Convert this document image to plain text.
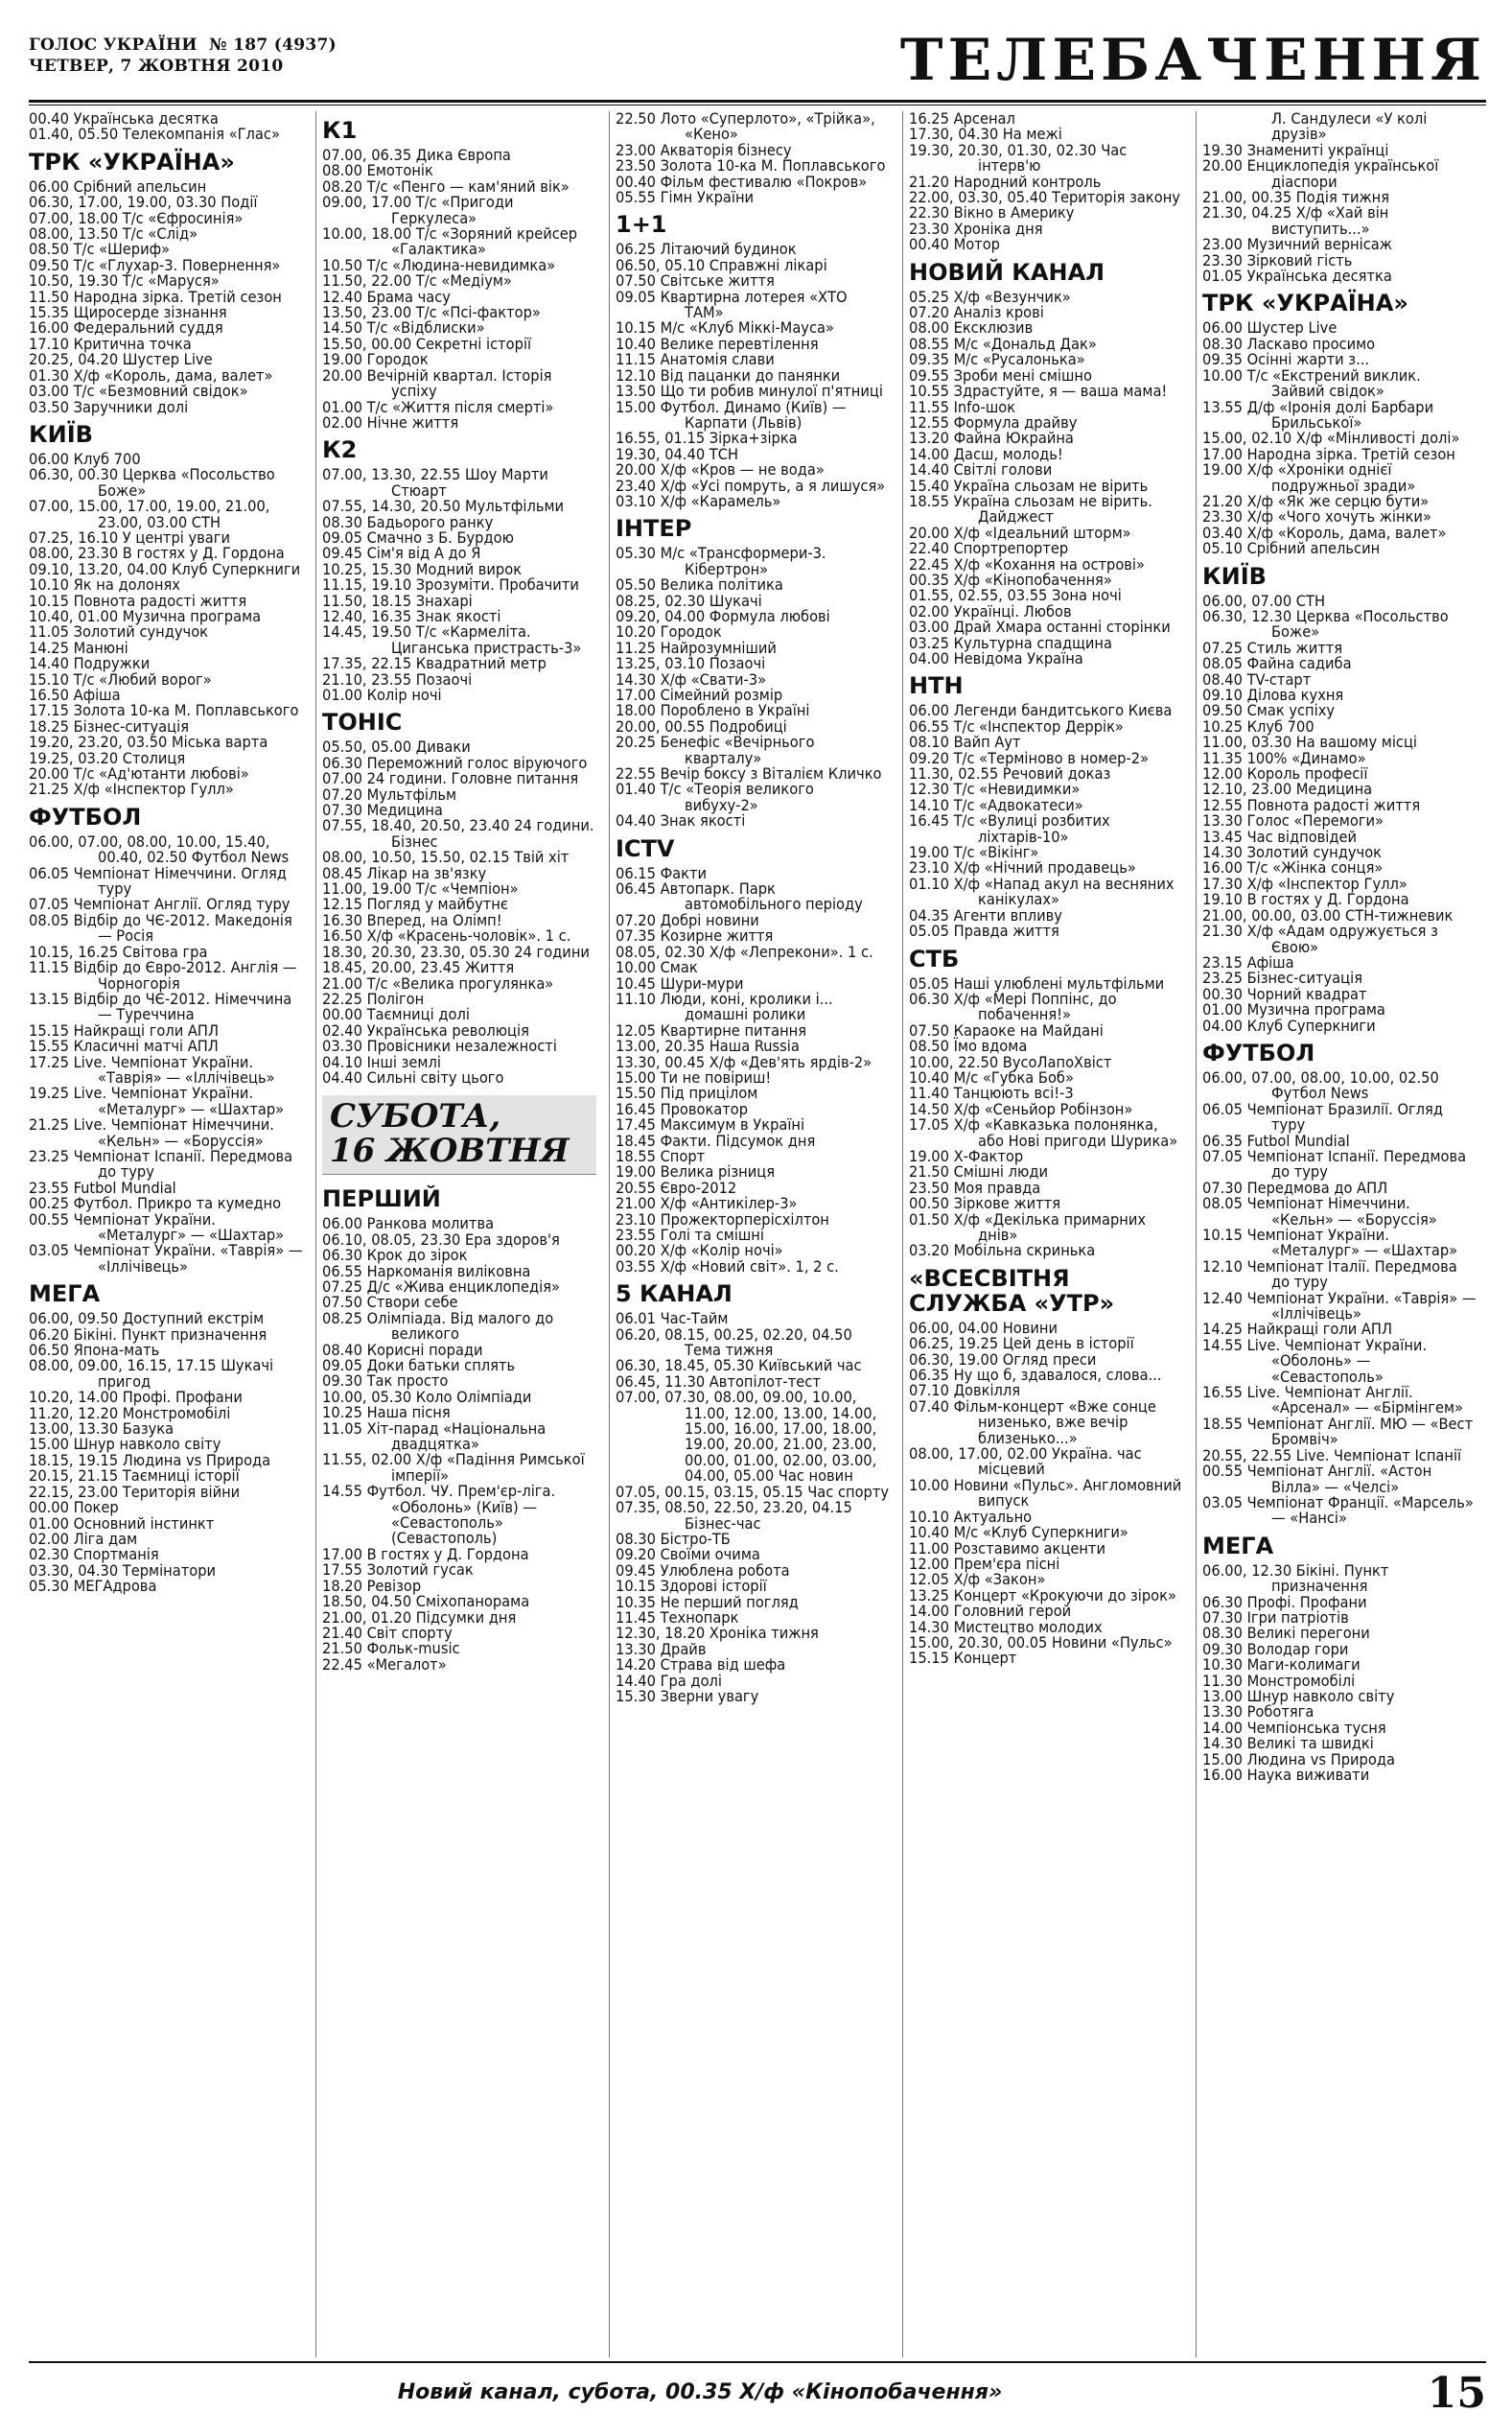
ГОЛОС УКРАЇНИ № 187 (4937)
ЧЕТВЕР, 7 ЖОВТНЯ 2010	ТЕЛЕБАЧЕННЯ
00.40 Українська десятка
01.40, 05.50 Телекомпанія «Глас»
ТРК «УКРАЇНА»
06.00 Срібний апельсин
06.30, 17.00, 19.00, 03.30 Події
07.00, 18.00 Т/с «Єфросинія»
08.00, 13.50 Т/с «Слід»
08.50 Т/с «Шериф»
09.50 Т/с «Глухар-3. Повернення»
10.50, 19.30 Т/с «Маруся»
11.50 Народна зірка. Третій сезон
15.35 Щиросерде зізнання
16.00 Федеральний суддя
17.10 Критична точка
20.25, 04.20 Шустер Live
01.30 Х/ф «Король, дама, валет»
03.00 Т/с «Безмовний свідок»
03.50 Заручники долі
КИЇВ
06.00 Клуб 700
06.30, 00.30 Церква «Посольство Боже»
07.00, 15.00, 17.00, 19.00, 21.00, 23.00, 03.00 СТН
07.25, 16.10 У центрі уваги
08.00, 23.30 В гостях у Д. Гордона
09.10, 13.20, 04.00 Клуб Суперкниги
10.10 Як на долонях
10.15 Повнота радості життя
10.40, 01.00 Музична програма
11.05 Золотий сундучок
14.25 Манюні
14.40 Подружки
15.10 Т/с «Любий ворог»
16.50 Афіша
17.15 Золота 10-ка М. Поплавського
18.25 Бізнес-ситуація
19.20, 23.20, 03.50 Міська варта
19.25, 03.20 Столиця
20.00 Т/с «Ад'ютанти любові»
21.25 Х/ф «Інспектор Гулл»
ФУТБОЛ
06.00, 07.00, 08.00, 10.00, 15.40, 00.40, 02.50 Футбол News
06.05 Чемпіонат Німеччини. Огляд туру
07.05 Чемпіонат Англії. Огляд туру
08.05 Відбір до ЧЄ-2012. Македонія — Росія
10.15, 16.25 Світова гра
11.15 Відбір до Євро-2012. Англія — Чорногорія
13.15 Відбір до ЧЄ-2012. Німеччина — Туреччина
15.15 Найкращі голи АПЛ
15.55 Класичні матчі АПЛ
17.25 Live. Чемпіонат України. «Таврія» — «Іллічівець»
19.25 Live. Чемпіонат України. «Металург» — «Шахтар»
21.25 Live. Чемпіонат Німеччини. «Кельн» — «Боруссія»
23.25 Чемпіонат Іспанії. Передмова до туру
23.55 Futbol Mundial
00.25 Футбол. Прикро та кумедно
00.55 Чемпіонат України. «Металург» — «Шахтар»
03.05 Чемпіонат України. «Таврія» — «Іллічівець»
МЕГА
06.00, 09.50 Доступний екстрім
06.20 Бікіні. Пункт призначення
06.50 Япона-мать
08.00, 09.00, 16.15, 17.15 Шукачі пригод
10.20, 14.00 Профі. Профани
11.20, 12.20 Монстромобілі
13.00, 13.30 Базука
15.00 Шнур навколо світу
18.15, 19.15 Людина vs Природа
20.15, 21.15 Таємниці історії
22.15, 23.00 Територія війни
00.00 Покер
01.00 Основний інстинкт
02.00 Ліга дам
02.30 Спортманія
03.30, 04.30 Термінатори
05.30 МЕГАдрова
К1
07.00, 06.35 Дика Європа
08.00 Емотонік
08.20 Т/с «Пенго — кам'яний вік»
09.00, 17.00 Т/с «Пригоди Геркулеса»
10.00, 18.00 Т/с «Зоряний крейсер «Галактика»
10.50 Т/с «Людина-невидимка»
11.50, 22.00 Т/с «Медіум»
12.40 Брама часу
13.50, 23.00 Т/с «Псі-фактор»
14.50 Т/с «Відблиски»
15.50, 00.00 Секретні історії
19.00 Городок
20.00 Вечірній квартал. Історія успіху
01.00 Т/с «Життя після смерті»
02.00 Нічне життя
К2
07.00, 13.30, 22.55 Шоу Марти Стюарт
07.55, 14.30, 20.50 Мультфільми
08.30 Бадьорого ранку
09.05 Смачно з Б. Бурдою
09.45 Сім'я від А до Я
10.25, 15.30 Модний вирок
11.15, 19.10 Зрозуміти. Пробачити
11.50, 18.15 Знахарі
12.40, 16.35 Знак якості
14.45, 19.50 Т/с «Кармеліта. Циганська пристрасть-3»
17.35, 22.15 Квадратний метр
21.10, 23.55 Позаочі
01.00 Колір ночі
ТОНІС
05.50, 05.00 Диваки
06.30 Переможний голос віруючого
07.00 24 години. Головне питання
07.20 Мультфільм
07.30 Медицина
07.55, 18.40, 20.50, 23.40 24 години. Бізнес
08.00, 10.50, 15.50, 02.15 Твій хіт
08.45 Лікар на зв'язку
11.00, 19.00 Т/с «Чемпіон»
12.15 Погляд у майбутнє
16.30 Вперед, на Олімп!
16.50 Х/ф «Красень-чоловік». 1 с.
18.30, 20.30, 23.30, 05.30 24 години
18.45, 20.00, 23.45 Життя
21.00 Т/с «Велика прогулянка»
22.25 Полігон
00.00 Таємниці долі
02.40 Українська революція
03.30 Провісники незалежності
04.10 Інші землі
04.40 Сильні світу цього
СУБОТА,
16 ЖОВТНЯ
ПЕРШИЙ
06.00 Ранкова молитва
06.10, 08.05, 23.30 Ера здоров'я
06.30 Крок до зірок
06.55 Наркоманія виліковна
07.25 Д/с «Жива енциклопедія»
07.50 Створи себе
08.25 Олімпіада. Від малого до великого
08.40 Корисні поради
09.05 Доки батьки сплять
09.30 Так просто
10.00, 05.30 Коло Олімпіади
10.25 Наша пісня
11.05 Хіт-парад «Національна двадцятка»
11.55, 02.00 Х/ф «Падіння Римської імперії»
14.55 Футбол. ЧУ. Прем'єр-ліга. «Оболонь» (Київ) — «Севастополь» (Севастополь)
17.00 В гостях у Д. Гордона
17.55 Золотий гусак
18.20 Ревізор
18.50, 04.50 Сміхопанорама
21.00, 01.20 Підсумки дня
21.40 Світ спорту
21.50 Фольк-music
22.45 «Мегалот»
22.50 Лото «Суперлото», «Трійка», «Кено»
23.00 Акваторія бізнесу
23.50 Золота 10-ка М. Поплавського
00.40 Фільм фестивалю «Покров»
05.55 Гімн України
1+1
06.25 Літаючий будинок
06.50, 05.10 Справжні лікарі
07.50 Світське життя
09.05 Квартирна лотерея «ХТО ТАМ»
10.15 М/с «Клуб Міккі-Мауса»
10.40 Велике перевтілення
11.15 Анатомія слави
12.10 Від пацанки до панянки
13.50 Що ти робив минулої п'ятниці
15.00 Футбол. Динамо (Київ) — Карпати (Львів)
16.55, 01.15 Зірка+зірка
19.30, 04.40 ТСН
20.00 Х/ф «Кров — не вода»
23.40 Х/ф «Усі помруть, а я лишуся»
03.10 Х/ф «Карамель»
ІНТЕР
05.30 М/с «Трансформери-3. Кібертрон»
05.50 Велика політика
08.25, 02.30 Шукачі
09.20, 04.00 Формула любові
10.20 Городок
11.25 Найрозумніший
13.25, 03.10 Позаочі
14.30 Х/ф «Свати-3»
17.00 Сімейний розмір
18.00 Пороблено в Україні
20.00, 00.55 Подробиці
20.25 Бенефіс «Вечірнього кварталу»
22.55 Вечір боксу з Віталієм Кличко
01.40 Т/с «Теорія великого вибуху-2»
04.40 Знак якості
ICTV
06.15 Факти
06.45 Автопарк. Парк автомобільного періоду
07.20 Добрі новини
07.35 Козирне життя
08.05, 02.30 Х/ф «Лепрекони». 1 с.
10.00 Смак
10.45 Шури-мури
11.10 Люди, коні, кролики і... домашні ролики
12.05 Квартирне питання
13.00, 20.35 Наша Russia
13.30, 00.45 Х/ф «Дев'ять ярдів-2»
15.00 Ти не повіриш!
15.50 Під прицілом
16.45 Провокатор
17.45 Максимум в Україні
18.45 Факти. Підсумок дня
18.55 Спорт
19.00 Велика різниця
20.55 Євро-2012
21.00 Х/ф «Антикілер-3»
23.10 Прожекторперісхілтон
23.55 Голі та смішні
00.20 Х/ф «Колір ночі»
03.55 Х/ф «Новий світ». 1, 2 с.
5 КАНАЛ
06.01 Час-Тайм
06.20, 08.15, 00.25, 02.20, 04.50 Тема тижня
06.30, 18.45, 05.30 Київський час
06.45, 11.30 Автопілот-тест
07.00, 07.30, 08.00, 09.00, 10.00, 11.00, 12.00, 13.00, 14.00, 15.00, 16.00, 17.00, 18.00, 19.00, 20.00, 21.00, 23.00, 00.00, 01.00, 02.00, 03.00, 04.00, 05.00 Час новин
07.05, 00.15, 03.15, 05.15 Час спорту
07.35, 08.50, 22.50, 23.20, 04.15 Бізнес-час
08.30 Бістро-ТБ
09.20 Своїми очима
09.45 Улюблена робота
10.15 Здорові історії
10.35 Не перший погляд
11.45 Технопарк
12.30, 18.20 Хроніка тижня
13.30 Драйв
14.20 Страва від шефа
14.40 Гра долі
15.30 Зверни увагу
16.25 Арсенал
17.30, 04.30 На межі
19.30, 20.30, 01.30, 02.30 Час інтерв'ю
21.20 Народний контроль
22.00, 03.30, 05.40 Територія закону
22.30 Вікно в Америку
23.30 Хроніка дня
00.40 Мотор
НОВИЙ КАНАЛ
05.25 Х/ф «Везунчик»
07.20 Аналіз крові
08.00 Ексклюзив
08.55 М/с «Дональд Дак»
09.35 М/с «Русалонька»
09.55 Зроби мені смішно
10.55 Здрастуйте, я — ваша мама!
11.55 Info-шок
12.55 Формула драйву
13.20 Файна Юкрайна
14.00 Дасш, молодь!
14.40 Світлі голови
15.40 Україна сльозам не вірить
18.55 Україна сльозам не вірить. Дайджест
20.00 Х/ф «Ідеальний шторм»
22.40 Спортрепортер
22.45 Х/ф «Кохання на островi»
00.35 Х/ф «Кінопобачення»
01.55, 02.55, 03.55 Зона ночі
02.00 Українці. Любов
03.00 Драй Хмара останні сторінки
03.25 Культурна спадщина
04.00 Невідома Україна
НТН
06.00 Легенди бандитського Києва
06.55 Т/с «Інспектор Деррік»
08.10 Вайп Аут
09.20 Т/с «Терміново в номер-2»
11.30, 02.55 Речовий доказ
12.30 Т/с «Невидимки»
14.10 Т/с «Адвокатеси»
16.45 Т/с «Вулиці розбитих ліхтарів-10»
19.00 Т/с «Вікінг»
23.10 Х/ф «Нічний продавець»
01.10 Х/ф «Напад акул на весняних канікулах»
04.35 Агенти впливу
05.05 Правда життя
СТБ
05.05 Наші улюблені мультфільми
06.30 Х/ф «Мері Поппінс, до побачення!»
07.50 Караоке на Майдані
08.50 Їмо вдома
10.00, 22.50 ВусоЛапоХвіст
10.40 М/с «Губка Боб»
11.40 Танцюють всі!-3
14.50 Х/ф «Сеньйор Робінзон»
17.05 Х/ф «Кавказька полонянка, або Нові пригоди Шурика»
19.00 Х-Фактор
21.50 Смішні люди
23.50 Моя правда
00.50 Зіркове життя
01.50 Х/ф «Декілька примарних днів»
03.20 Мобільна скринька
«ВСЕСВІТНЯ СЛУЖБА «УТР»
06.00, 04.00 Новини
06.25, 19.25 Цей день в історії
06.30, 19.00 Огляд преси
06.35 Ну що б, здавалося, слова...
07.10 Довкілля
07.40 Фільм-концерт «Вже сонце низенько, вже вечір близенько...»
08.00, 17.00, 02.00 Україна. час місцевий
10.00 Новини «Пульс». Англомовний випуск
10.10 Актуально
10.40 М/с «Клуб Суперкниги»
11.00 Розставимо акценти
12.00 Прем'єра пісні
12.05 Х/ф «Закон»
13.25 Концерт «Крокуючи до зірок»
14.00 Головний герой
14.30 Мистецтво молодих
15.00, 20.30, 00.05 Новини «Пульс»
15.15 Концерт
Л. Сандулеси «У колі друзів»
19.30 Знамениті українці
20.00 Енциклопедія української діаспори
21.00, 00.35 Подія тижня
21.30, 04.25 Х/ф «Хай він виступить...»
23.00 Музичний вернісаж
23.30 Зірковий гість
01.05 Українська десятка
ТРК «УКРАЇНА»
06.00 Шустер Live
08.30 Ласкаво просимо
09.35 Осінні жарти з...
10.00 Т/с «Екстрений виклик. Зайвий свідок»
13.55 Д/ф «Іронія долі Барбари Брильської»
15.00, 02.10 Х/ф «Мінливості долі»
17.00 Народна зірка. Третій сезон
19.00 Х/ф «Хроніки однієї подружньої зради»
21.20 Х/ф «Як же серцю бути»
23.30 Х/ф «Чого хочуть жінки»
03.40 Х/ф «Король, дама, валет»
05.10 Срібний апельсин
КИЇВ
06.00, 07.00 СТН
06.30, 12.30 Церква «Посольство Боже»
07.25 Стиль життя
08.05 Файна садиба
08.40 TV-старт
09.10 Ділова кухня
09.50 Смак успіху
10.25 Клуб 700
11.00, 03.30 На вашому місці
11.35 100% «Динамо»
12.00 Король професії
12.10, 23.00 Медицина
12.55 Повнота радості життя
13.30 Голос «Перемоги»
13.45 Час відповідей
14.30 Золотий сундучок
16.00 Т/с «Жінка сонця»
17.30 Х/ф «Інспектор Гулл»
19.10 В гостях у Д. Гордона
21.00, 00.00, 03.00 СТН-тижневик
21.30 Х/ф «Адам одружується з Євою»
23.15 Афіша
23.25 Бізнес-ситуація
00.30 Чорний квадрат
01.00 Музична програма
04.00 Клуб Суперкниги
ФУТБОЛ
06.00, 07.00, 08.00, 10.00, 02.50 Футбол News
06.05 Чемпіонат Бразилії. Огляд туру
06.35 Futbol Mundial
07.05 Чемпіонат Іспанії. Передмова до туру
07.30 Передмова до АПЛ
08.05 Чемпіонат Німеччини. «Кельн» — «Боруссія»
10.15 Чемпіонат України. «Металург» — «Шахтар»
12.10 Чемпіонат Італії. Передмова до туру
12.40 Чемпіонат України. «Таврія» — «Іллічівець»
14.25 Найкращі голи АПЛ
14.55 Live. Чемпіонат України. «Оболонь» — «Севастополь»
16.55 Live. Чемпіонат Англії. «Арсенал» — «Бірмінгем»
18.55 Чемпіонат Англії. МЮ — «Вест Бромвіч»
20.55, 22.55 Live. Чемпіонат Іспанії
00.55 Чемпіонат Англії. «Астон Вілла» — «Челсі»
03.05 Чемпіонат Франції. «Марсель» — «Нансі»
МЕГА
06.00, 12.30 Бікіні. Пункт призначення
06.30 Профі. Профани
07.30 Ігри патріотів
08.30 Великі перегони
09.30 Володар гори
10.30 Маги-колимаги
11.30 Монстромобілі
13.00 Шнур навколо світу
13.30 Роботяга
14.00 Чемпіонська тусня
14.30 Великі та швидкі
15.00 Людина vs Природа
16.00 Наука виживати
Новий канал, субота, 00.35 Х/ф «Кінопобачення»	15
